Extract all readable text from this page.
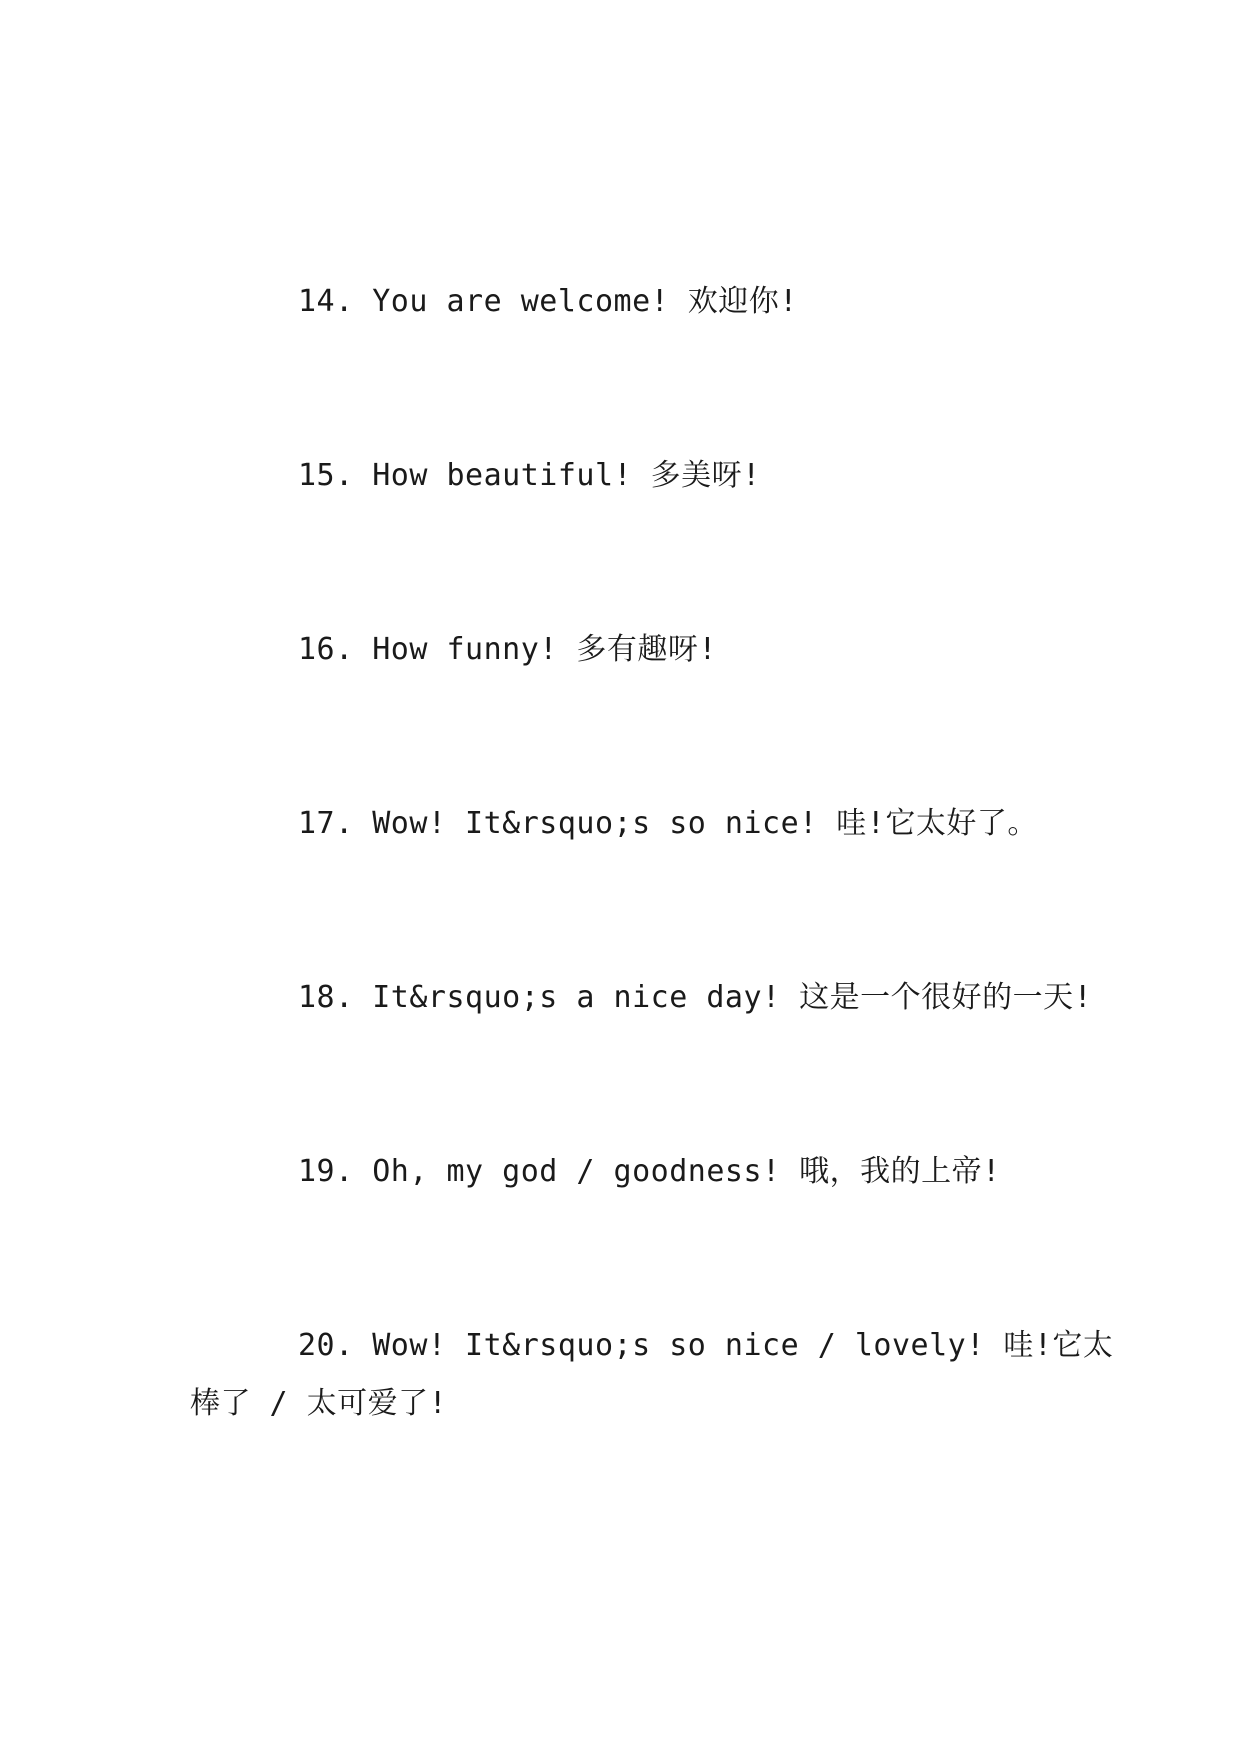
14. You are welcome! 欢迎你!
15. How beautiful! 多美呀!
16. How funny! 多有趣呀!
17. Wow! It&rsquo;s so nice! 哇!它太好了。
18. It&rsquo;s a nice day! 这是一个很好的一天!
19. Oh, my god / goodness! 哦，我的上帝!
20. Wow! It&rsquo;s so nice / lovely! 哇!它太
棒了 / 太可爱了!
